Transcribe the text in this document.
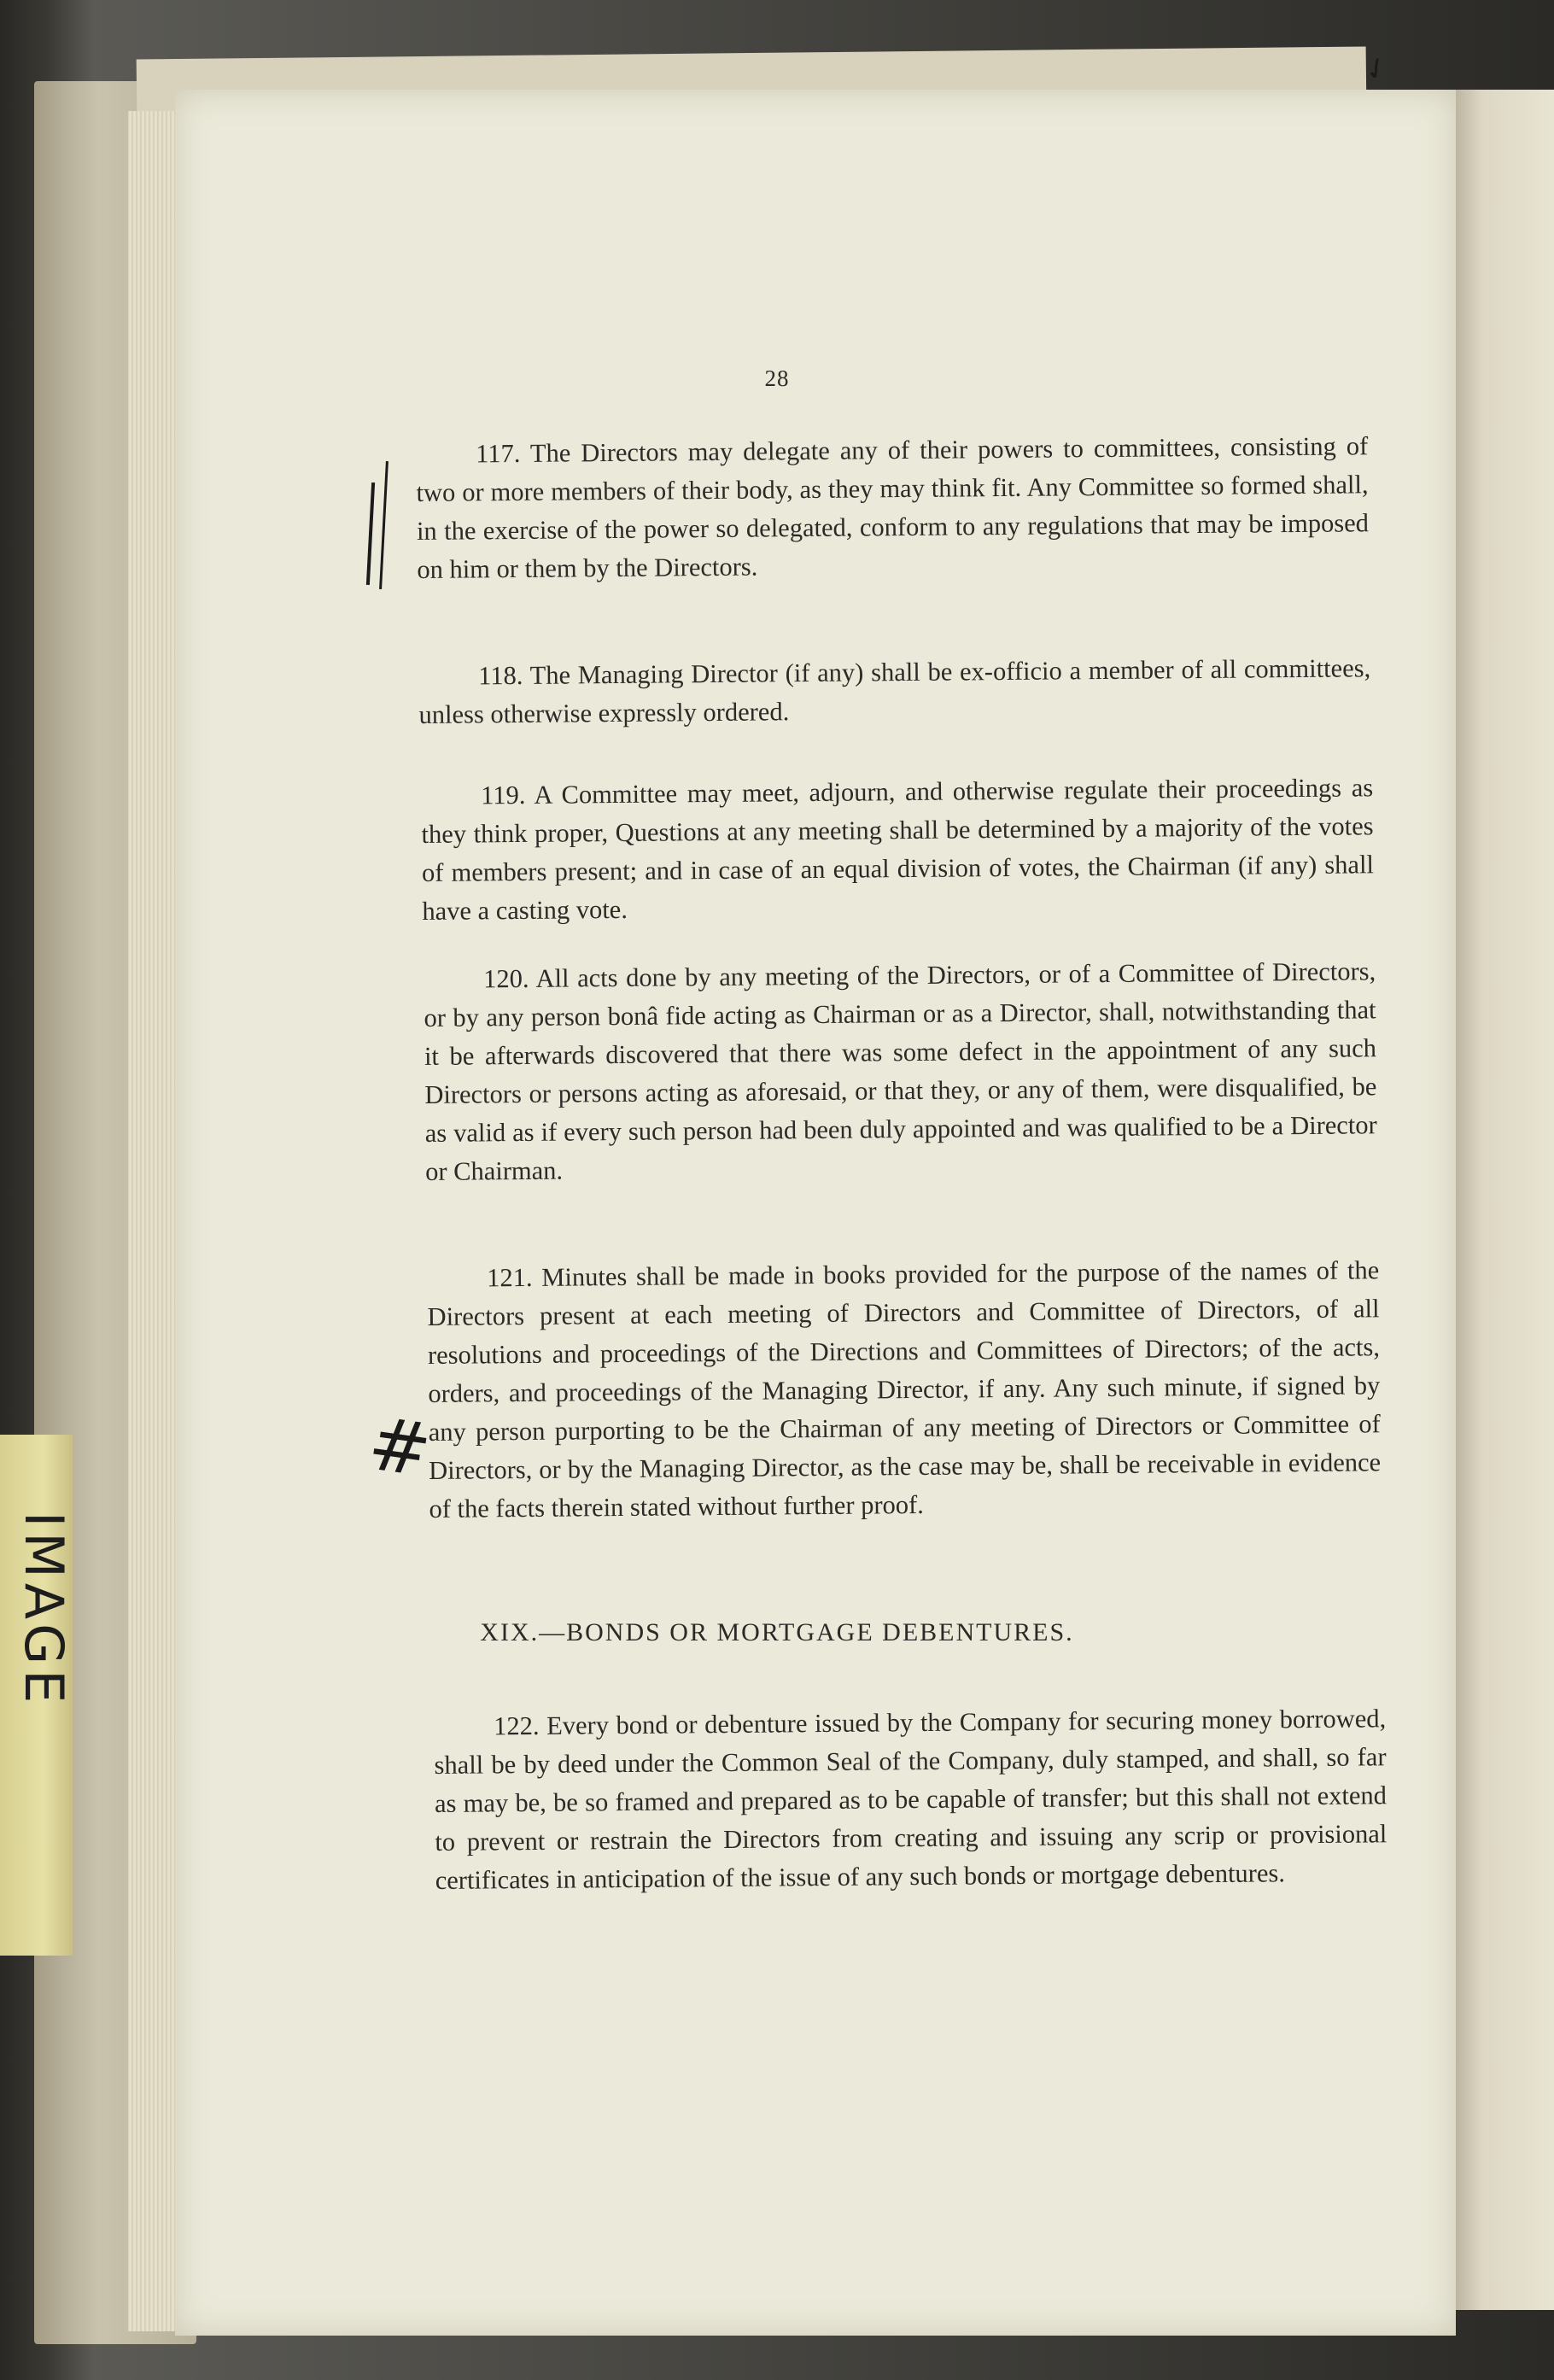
IMAGE
28
117. The Directors may delegate any of their powers to committees, consisting of two or more members of their body, as they may think fit. Any Committee so formed shall, in the exercise of the power so delegated, conform to any regulations that may be imposed on him or them by the Directors.
118. The Managing Director (if any) shall be ex-officio a member of all committees, unless otherwise expressly ordered.
119. A Committee may meet, adjourn, and otherwise regulate their proceedings as they think proper, Questions at any meeting shall be determined by a majority of the votes of members present; and in case of an equal division of votes, the Chairman (if any) shall have a casting vote.
120. All acts done by any meeting of the Directors, or of a Committee of Directors, or by any person bonâ fide acting as Chairman or as a Director, shall, notwithstanding that it be afterwards discovered that there was some defect in the appointment of any such Directors or persons acting as aforesaid, or that they, or any of them, were disqualified, be as valid as if every such person had been duly appointed and was qualified to be a Director or Chairman.
121. Minutes shall be made in books provided for the purpose of the names of the Directors present at each meeting of Directors and Committee of Directors, of all resolutions and proceedings of the Directions and Committees of Directors; of the acts, orders, and proceedings of the Managing Director, if any. Any such minute, if signed by any person purporting to be the Chairman of any meeting of Directors or Committee of Directors, or by the Managing Director, as the case may be, shall be receivable in evidence of the facts therein stated without further proof.
XIX.—BONDS OR MORTGAGE DEBENTURES.
122. Every bond or debenture issued by the Company for securing money borrowed, shall be by deed under the Common Seal of the Company, duly stamped, and shall, so far as may be, be so framed and prepared as to be capable of transfer; but this shall not extend to prevent or restrain the Directors from creating and issuing any scrip or provisional certificates in anticipation of the issue of any such bonds or mortgage debentures.
#
✓
